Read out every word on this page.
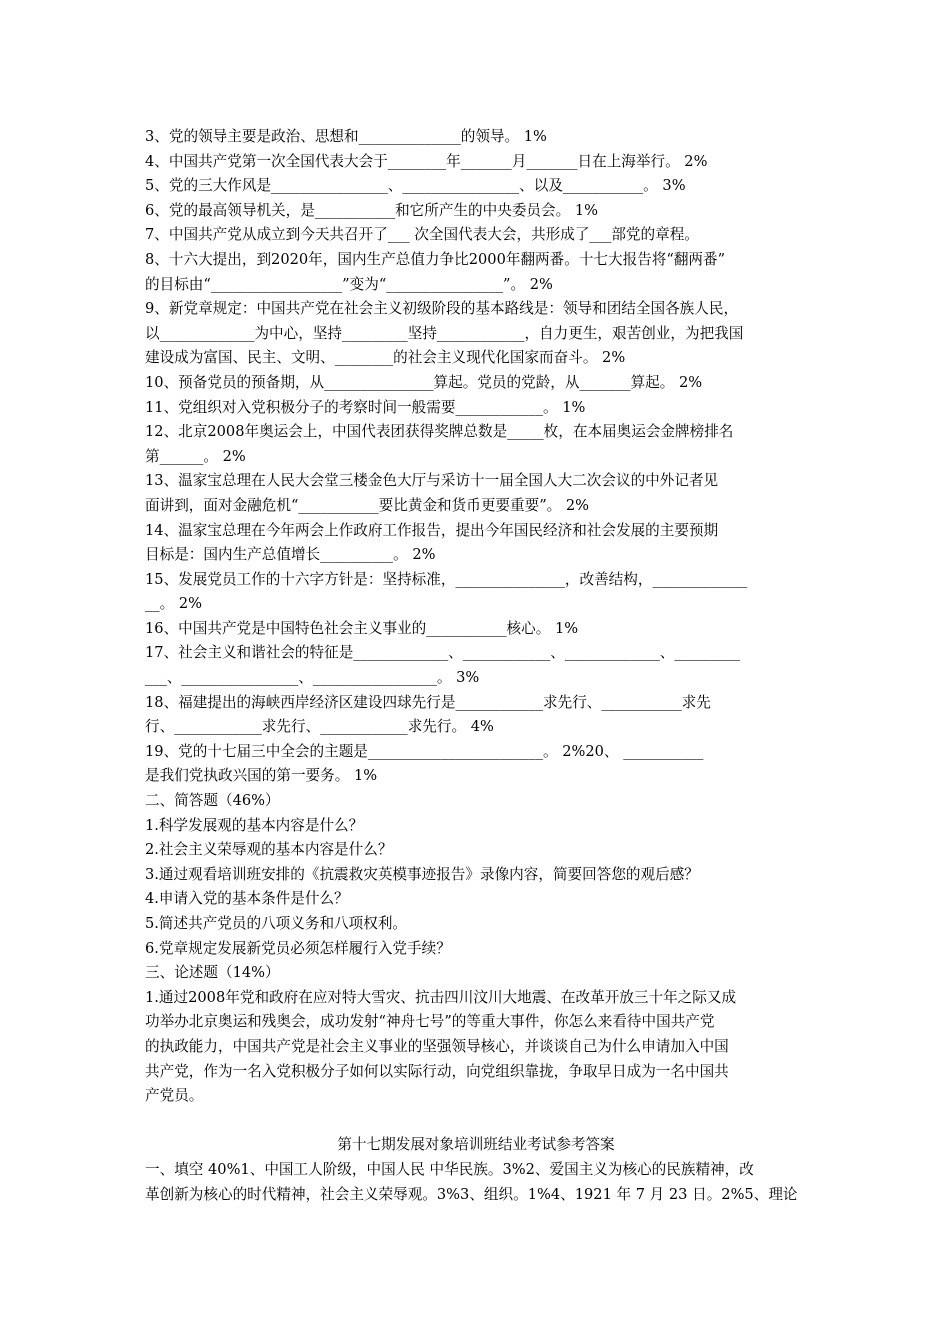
3、党的领导主要是政治、思想和______________的领导。 1%
4、中国共产党第一次全国代表大会于________年_______月_______日在上海举行。 2%
5、党的三大作风是________________、________________、以及___________。 3%
6、党的最高领导机关，是___________和它所产生的中央委员会。 1%
7、中国共产党从成立到今天共召开了___ 次全国代表大会，共形成了___部党的章程。
8、十六大提出，到2020年，国内生产总值力争比2000年翻两番。十七大报告将“翻两番”
的目标由“__________________”变为“________________”。 2%
9、新党章规定：中国共产党在社会主义初级阶段的基本路线是：领导和团结全国各族人民，
以_____________为中心，坚持_________坚持____________，自力更生，艰苦创业，为把我国
建设成为富国、民主、文明、________的社会主义现代化国家而奋斗。 2%
10、预备党员的预备期，从_______________算起。党员的党龄，从_______算起。 2%
11、党组织对入党积极分子的考察时间一般需要____________。 1%
12、北京2008年奥运会上，中国代表团获得奖牌总数是_____枚，在本届奥运会金牌榜排名
第______。 2%
13、温家宝总理在人民大会堂三楼金色大厅与采访十一届全国人大二次会议的中外记者见
面讲到，面对金融危机“___________要比黄金和货币更要重要”。 2%
14、温家宝总理在今年两会上作政府工作报告，提出今年国民经济和社会发展的主要预期
目标是：国内生产总值增长__________。 2%
15、发展党员工作的十六字方针是：坚持标准，_______________，改善结构，_____________
__。 2%
16、中国共产党是中国特色社会主义事业的___________核心。 1%
17、社会主义和谐社会的特征是_____________、____________、_____________、_________
___、________________、_________________。 3%
18、福建提出的海峡西岸经济区建设四球先行是____________求先行、___________求先
行、____________求先行、____________求先行。 4%
19、党的十七届三中全会的主题是________________________。 2%20、 ___________
是我们党执政兴国的第一要务。 1%
二、简答题（46%）
1.科学发展观的基本内容是什么？
2.社会主义荣辱观的基本内容是什么？
3.通过观看培训班安排的《抗震救灾英模事迹报告》录像内容，简要回答您的观后感？
4.申请入党的基本条件是什么？
5.简述共产党员的八项义务和八项权利。
6.党章规定发展新党员必须怎样履行入党手续？
三、论述题（14%）
1.通过2008年党和政府在应对特大雪灾、抗击四川汶川大地震、在改革开放三十年之际又成
功举办北京奥运和残奥会，成功发射“神舟七号”的等重大事件，你怎么来看待中国共产党
的执政能力，中国共产党是社会主义事业的坚强领导核心，并谈谈自己为什么申请加入中国
共产党，作为一名入党积极分子如何以实际行动，向党组织靠拢，争取早日成为一名中国共
产党员。
第十七期发展对象培训班结业考试参考答案
一、填空 40%1、中国工人阶级，中国人民 中华民族。3%2、爱国主义为核心的民族精神，改
革创新为核心的时代精神，社会主义荣辱观。3%3、组织。1%4、1921 年 7 月 23 日。2%5、理论
